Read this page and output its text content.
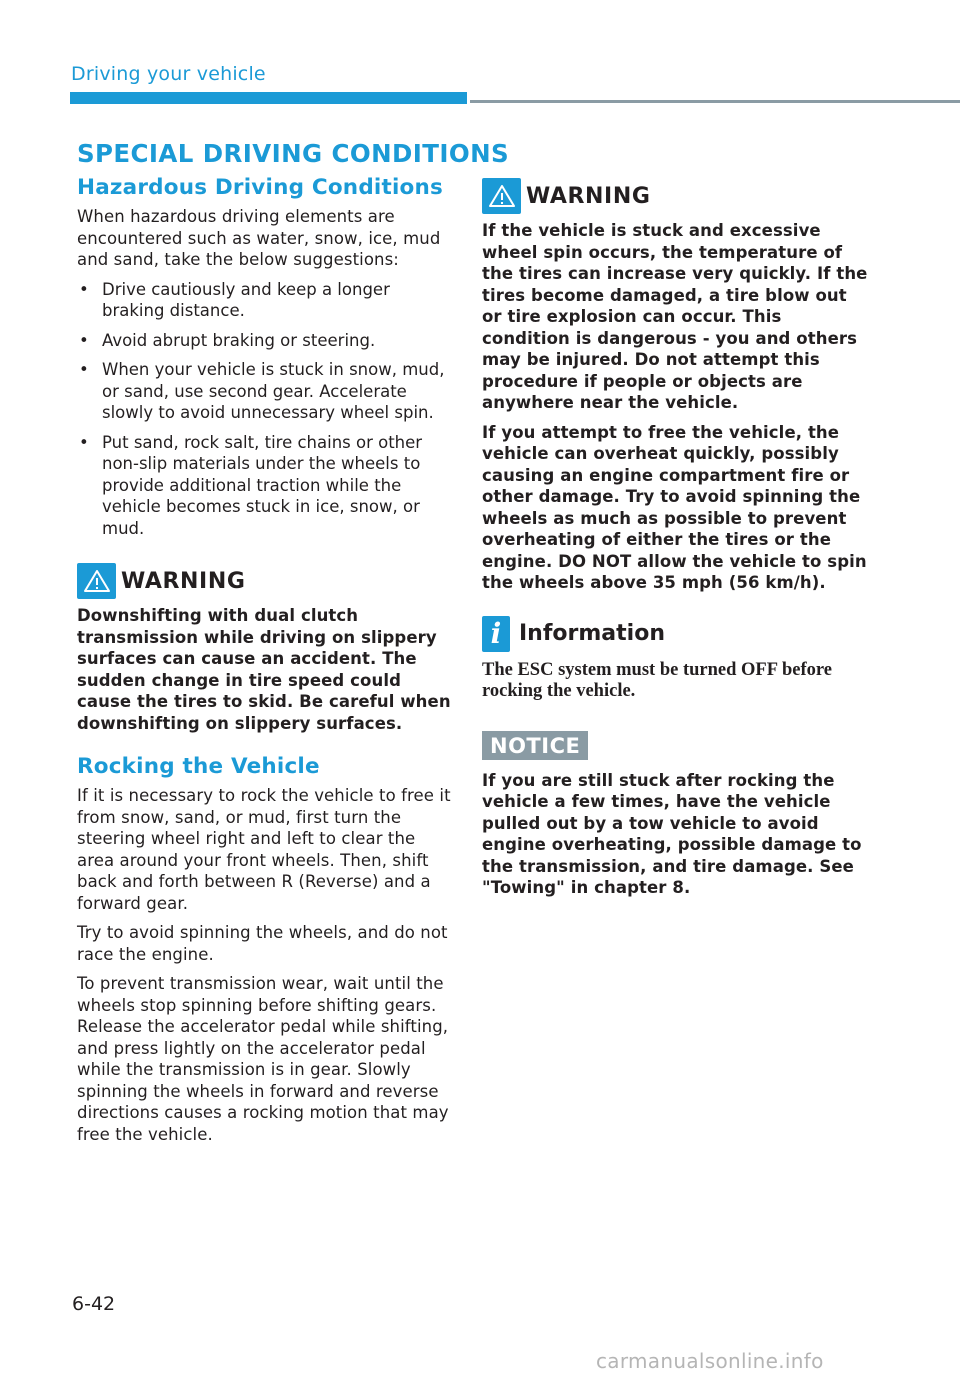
Driving your vehicle
SPECIAL DRIVING CONDITIONS
Hazardous Driving Conditions

When hazardous driving elements are encountered such as water, snow, ice, mud and sand, take the below suggestions:

• Drive cautiously and keep a longer braking distance.
• Avoid abrupt braking or steering.
• When your vehicle is stuck in snow, mud, or sand, use second gear. Accelerate slowly to avoid unnecessary wheel spin.
• Put sand, rock salt, tire chains or other non-slip materials under the wheels to provide additional traction while the vehicle becomes stuck in ice, snow, or mud.
WARNING

Downshifting with dual clutch transmission while driving on slippery surfaces can cause an accident. The sudden change in tire speed could cause the tires to skid. Be careful when downshifting on slippery surfaces.

Rocking the Vehicle

If it is necessary to rock the vehicle to free it from snow, sand, or mud, first turn the steering wheel right and left to clear the area around your front wheels. Then, shift back and forth between R (Reverse) and a forward gear.

Try to avoid spinning the wheels, and do not race the engine.

To prevent transmission wear, wait until the wheels stop spinning before shifting gears. Release the accelerator pedal while shifting, and press lightly on the accelerator pedal while the transmission is in gear. Slowly spinning the wheels in forward and reverse directions causes a rocking motion that may free the vehicle.

WARNING

If the vehicle is stuck and excessive wheel spin occurs, the temperature of the tires can increase very quickly. If the tires become damaged, a tire blow out or tire explosion can occur. This condition is dangerous - you and others may be injured. Do not attempt this procedure if people or objects are anywhere near the vehicle.

If you attempt to free the vehicle, the vehicle can overheat quickly, possibly causing an engine compartment fire or other damage. Try to avoid spinning the wheels as much as possible to prevent overheating of either the tires or the engine. DO NOT allow the vehicle to spin the wheels above 35 mph (56 km/h).

i Information

The ESC system must be turned OFF before rocking the vehicle.

NOTICE

If you are still stuck after rocking the vehicle a few times, have the vehicle pulled out by a tow vehicle to avoid engine overheating, possible damage to the transmission, and tire damage. See "Towing" in chapter 8.

6-42
carmanualsonline.info
